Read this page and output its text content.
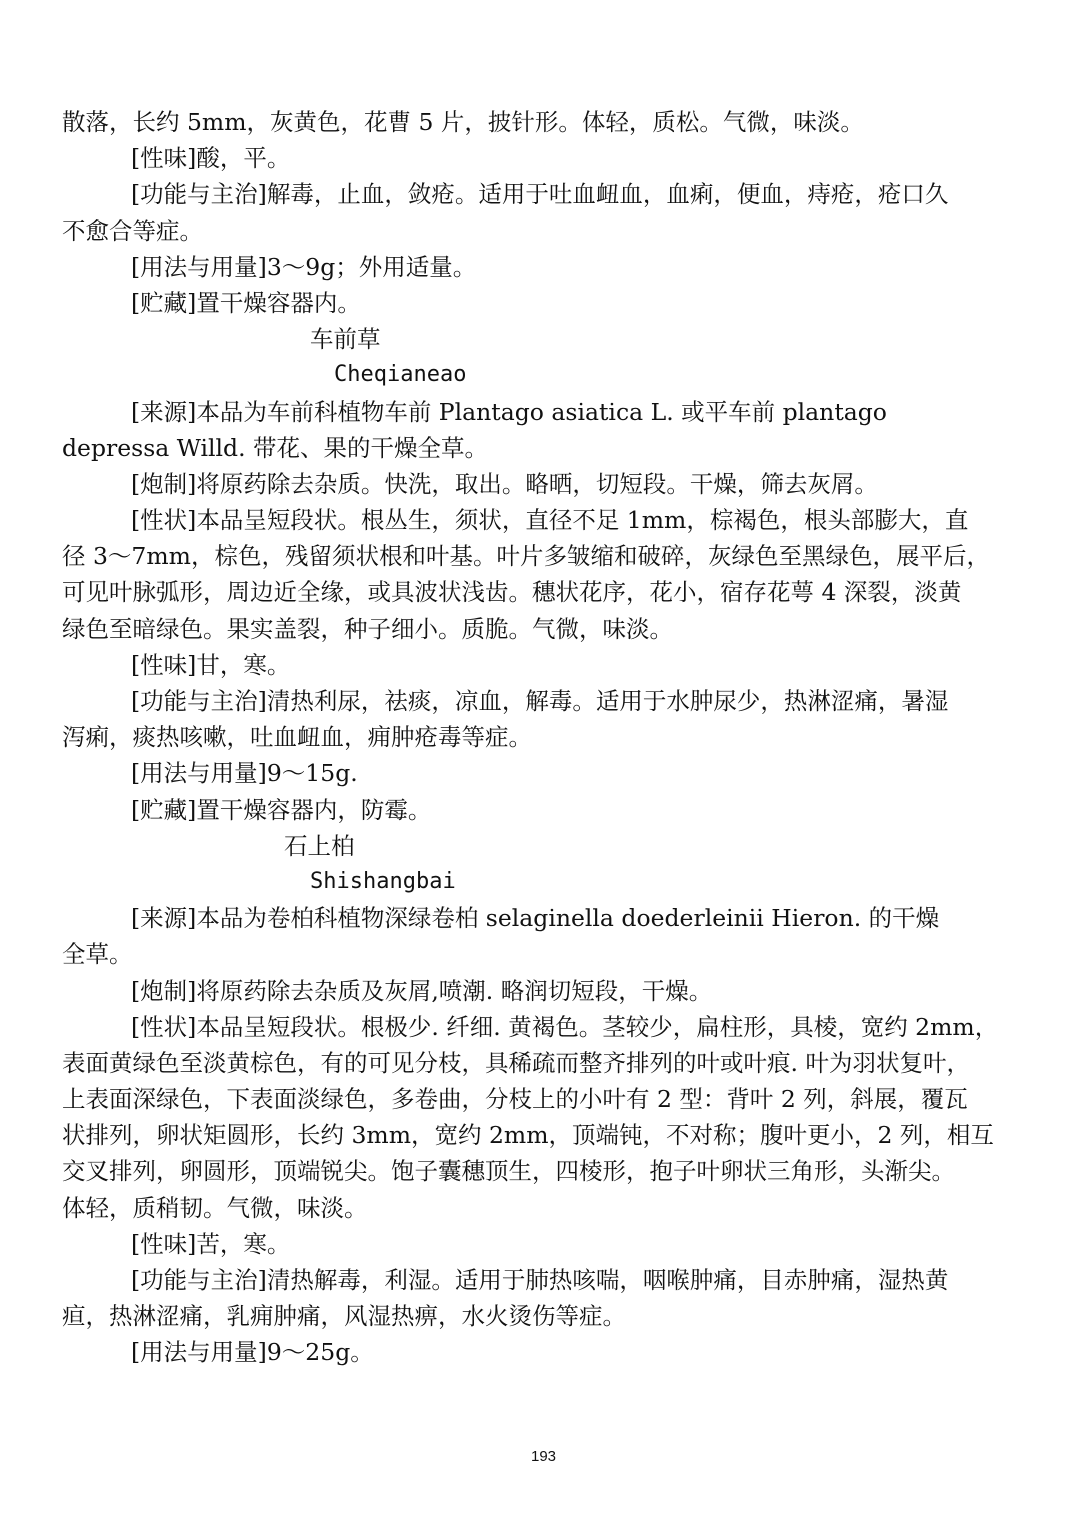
散落，长约 5mm，灰黄色，花曹 5 片，披针形。体轻，质松。气微，味淡。
[性味]酸，平。
[功能与主治]解毒，止血，敛疮。适用于吐血衄血，血痢，便血，痔疮，疮口久
不愈合等症。
[用法与用量]3～9g；外用适量。
[贮藏]置干燥容器内。
车前草
Cheqianeao
[来源]本品为车前科植物车前 Plantago asiatica L. 或平车前 plantago
depressa Willd. 带花、果的干燥全草。
[炮制]将原药除去杂质。快洗，取出。略晒，切短段。干燥，筛去灰屑。
[性状]本品呈短段状。根丛生，须状，直径不足 1mm，棕褐色，根头部膨大，直
径 3～7mm，棕色，残留须状根和叶基。叶片多皱缩和破碎，灰绿色至黑绿色，展平后，
可见叶脉弧形，周边近全缘，或具波状浅齿。穗状花序，花小，宿存花萼 4 深裂，淡黄
绿色至暗绿色。果实盖裂，种子细小。质脆。气微，味淡。
[性味]甘，寒。
[功能与主治]清热利尿，祛痰，凉血，解毒。适用于水肿尿少，热淋涩痛，暑湿
泻痢，痰热咳嗽，吐血衄血，痈肿疮毒等症。
[用法与用量]9～15g.
[贮藏]置干燥容器内，防霉。
石上柏
Shishangbai
[来源]本品为卷柏科植物深绿卷柏 selaginella doederleinii Hieron. 的干燥
全草。
[炮制]将原药除去杂质及灰屑,喷潮. 略润切短段，干燥。
[性状]本品呈短段状。根极少. 纤细. 黄褐色。茎较少，扁柱形，具棱，宽约 2mm，
表面黄绿色至淡黄棕色，有的可见分枝，具稀疏而整齐排列的叶或叶痕. 叶为羽状复叶，
上表面深绿色，下表面淡绿色，多卷曲，分枝上的小叶有 2 型：背叶 2 列，斜展，覆瓦
状排列，卵状矩圆形，长约 3mm，宽约 2mm，顶端钝，不对称；腹叶更小，2 列，相互
交叉排列，卵圆形，顶端锐尖。饱子囊穗顶生，四棱形，抱子叶卵状三角形，头渐尖。
体轻，质稍韧。气微，味淡。
[性味]苦，寒。
[功能与主治]清热解毒，利湿。适用于肺热咳喘，咽喉肿痛，目赤肿痛，湿热黄
疸，热淋涩痛，乳痈肿痛，风湿热痹，水火烫伤等症。
[用法与用量]9～25g。
193
